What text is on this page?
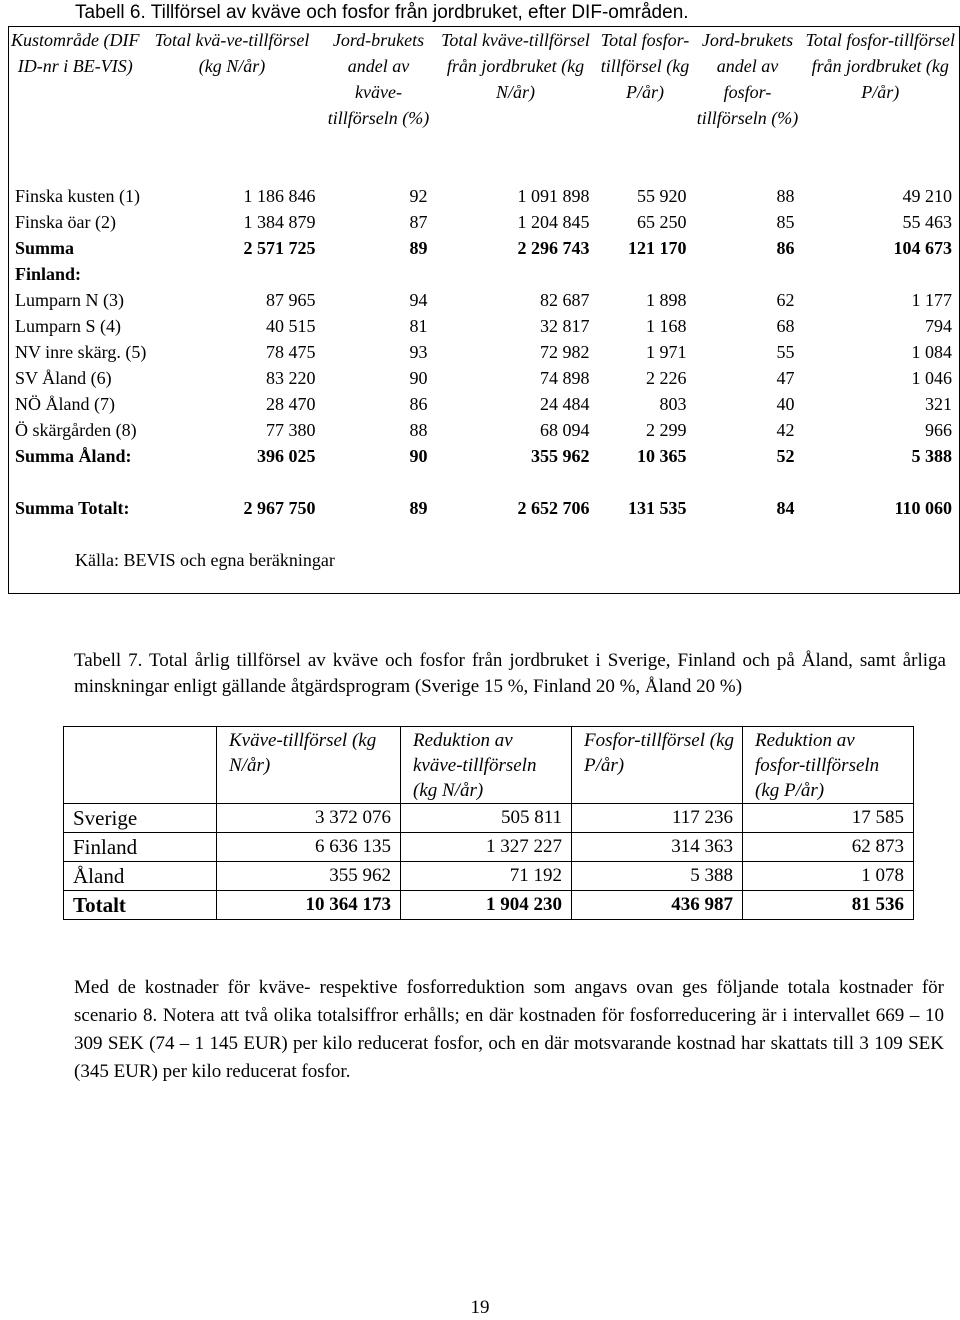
Tabell 6. Tillförsel av kväve och fosfor från jordbruket, efter DIF-områden.
Kustområde (DIF ID-nr i BE-VIS)	Total kvä-ve-tillförsel (kg N/år)	Jord-brukets andel av kväve-tillförseln (%)	Total kväve-tillförsel från jordbruket (kg N/år)	Total fosfor-tillförsel (kg P/år)	Jord-brukets andel av fosfor-tillförseln (%)	Total fosfor-tillförsel från jordbruket (kg P/år)
Finska kusten (1)	1 186 846	92	1 091 898	55 920	88	49 210
Finska öar (2)	1 384 879	87	1 204 845	65 250	85	55 463
Summa Finland:	2 571 725	89	2 296 743	121 170	86	104 673
Lumparn N (3)	87 965	94	82 687	1 898	62	1 177
Lumparn S (4)	40 515	81	32 817	1 168	68	794
NV inre skärg. (5)	78 475	93	72 982	1 971	55	1 084
SV Åland (6)	83 220	90	74 898	2 226	47	1 046
NÖ Åland (7)	28 470	86	24 484	803	40	321
Ö skärgården (8)	77 380	88	68 094	2 299	42	966
Summa Åland:	396 025	90	355 962	10 365	52	5 388
Summa Totalt:	2 967 750	89	2 652 706	131 535	84	110 060
Källa: BEVIS och egna beräkningar						
Tabell 7. Total årlig tillförsel av kväve och fosfor från jordbruket i Sverige, Finland och på Åland, samt årliga minskningar enligt gällande åtgärdsprogram (Sverige 15 %, Finland 20 %, Åland 20 %)
	Kväve-tillförsel (kg N/år)	Reduktion av kväve-tillförseln (kg N/år)	Fosfor-tillförsel (kg P/år)	Reduktion av fosfor-tillförseln (kg P/år)
Sverige	3 372 076	505 811	117 236	17 585
Finland	6 636 135	1 327 227	314 363	62 873
Åland	355 962	71 192	5 388	1 078
Totalt	10 364 173	1 904 230	436 987	81 536
Med de kostnader för kväve- respektive fosforreduktion som angavs ovan ges följande totala kostnader för scenario 8. Notera att två olika totalsiffror erhålls; en där kostnaden för fosforreducering är i intervallet 669 – 10 309 SEK (74 – 1 145 EUR) per kilo reducerat fosfor, och en där motsvarande kostnad har skattats till 3 109 SEK (345 EUR) per kilo reducerat fosfor.
19
